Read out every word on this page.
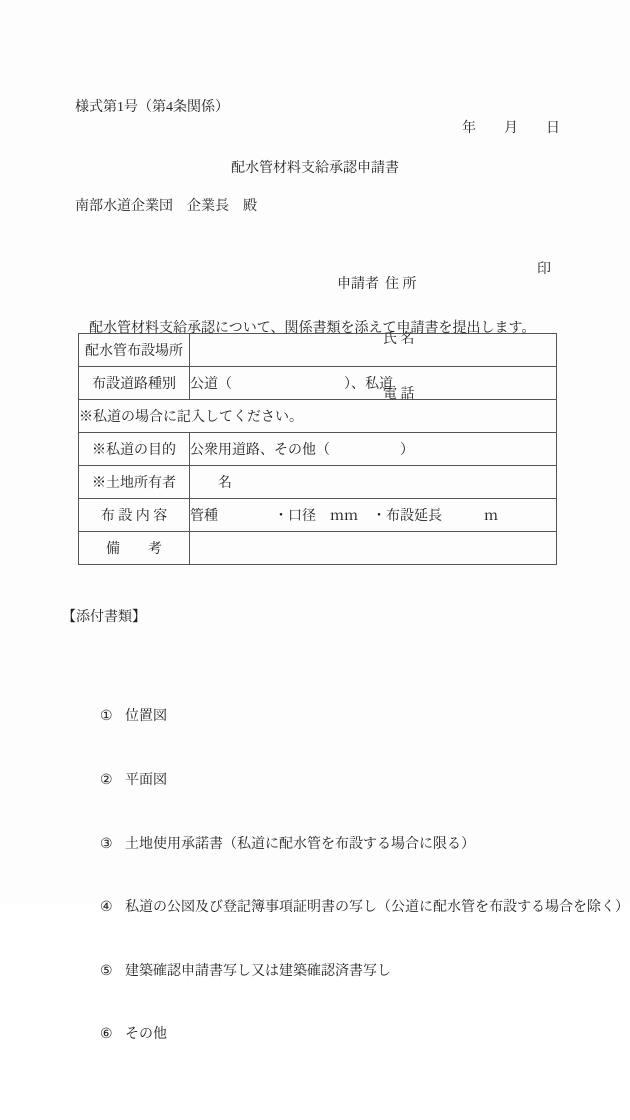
様式第1号（第4条関係）
年　　月　　日
配水管材料支給承認申請書
南部水道企業団　企業長　殿

申請者 住 所

氏 名

電 話

印
　配水管材料支給承認について、関係書類を添えて申請書を提出します。
配水管布設場所	
布設道路種別	公道（　　　　　　　　）、私道
※私道の場合に記入してください。	
※私道の目的	公衆用道路、その他（　　　　　）
※土地所有者	　　名
布 設 内 容	管種　　　　・口径　ｍｍ　・布設延長　　　ｍ
備　　考	

【添付書類】

① 位置図

② 平面図

③ 土地使用承諾書（私道に配水管を布設する場合に限る）

④ 私道の公図及び登記簿事項証明書の写し（公道に配水管を布設する場合を除く）

⑤ 建築確認申請書写し又は建築確認済書写し

⑥ その他
